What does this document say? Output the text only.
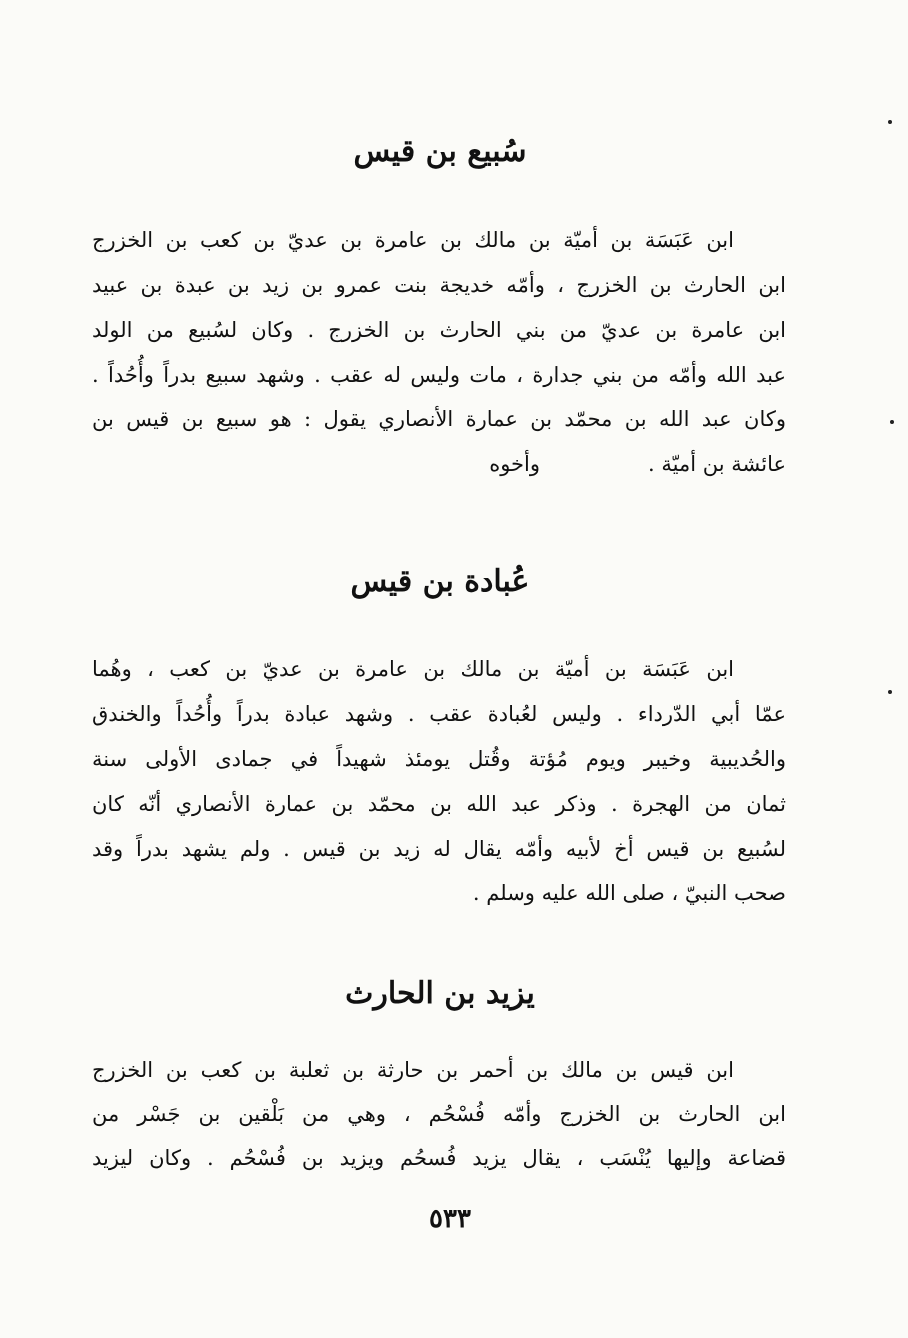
سُبيع بن قيس
ابن عَبَسَة بن أميّة بن مالك بن عامرة بن عديّ بن كعب بن الخزرج
ابن الحارث بن الخزرج ، وأمّه خديجة بنت عمرو بن زيد بن عبدة بن عبيد
ابن عامرة بن عديّ من بني الحارث بن الخزرج . وكان لسُبيع من الولد
عبد الله وأمّه من بني جدارة ، مات وليس له عقب . وشهد سبيع بدراً وأُحُداً .
وكان عبد الله بن محمّد بن عمارة الأنصاري يقول : هو سبيع بن قيس بن
عائشة بن أميّة .
وأخوه
عُبادة بن قيس
ابن عَبَسَة بن أميّة بن مالك بن عامرة بن عديّ بن كعب ، وهُما
عمّا أبي الدّرداء . وليس لعُبادة عقب . وشهد عبادة بدراً وأُحُداً والخندق
والحُديبية وخيبر ويوم مُؤتة وقُتل يومئذ شهيداً في جمادى الأولى سنة
ثمان من الهجرة . وذكر عبد الله بن محمّد بن عمارة الأنصاري أنّه كان
لسُبيع بن قيس أخ لأبيه وأمّه يقال له زيد بن قيس . ولم يشهد بدراً وقد
صحب النبيّ ، صلى الله عليه وسلم .
يزيد بن الحارث
ابن قيس بن مالك بن أحمر بن حارثة بن ثعلبة بن كعب بن الخزرج
ابن الحارث بن الخزرج وأمّه فُسْحُم ، وهي من بَلْقين بن جَسْر من
قضاعة وإليها يُنْسَب ، يقال يزيد فُسحُم ويزيد بن فُسْحُم . وكان ليزيد
٥٣٣
